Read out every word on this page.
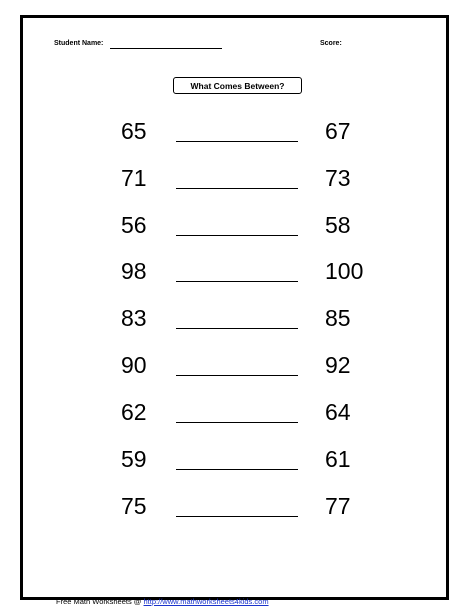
Student Name:	Score:
What Comes Between?
65	67
71	73
56	58
98	100
83	85
90	92
62	64
59	61
75	77
Free Math Worksheets @ http://www.mathworksheets4kids.com
